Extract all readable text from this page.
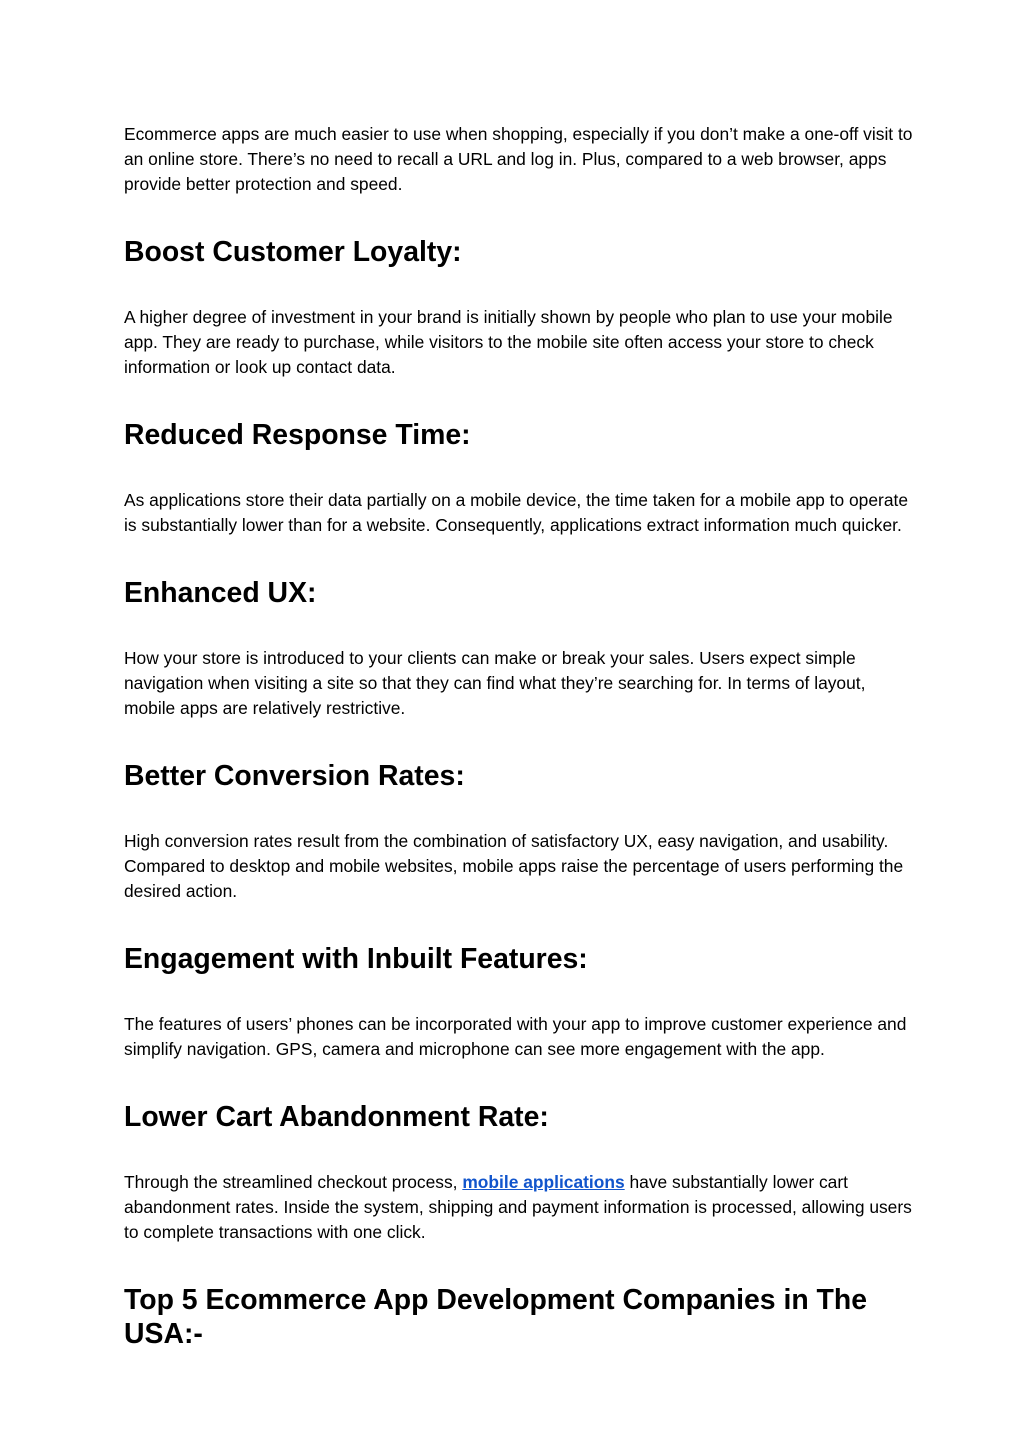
Ecommerce apps are much easier to use when shopping, especially if you don’t make a one-off visit to an online store. There’s no need to recall a URL and log in. Plus, compared to a web browser, apps provide better protection and speed.

Boost Customer Loyalty:

A higher degree of investment in your brand is initially shown by people who plan to use your mobile app. They are ready to purchase, while visitors to the mobile site often access your store to check information or look up contact data.

Reduced Response Time:

As applications store their data partially on a mobile device, the time taken for a mobile app to operate is substantially lower than for a website. Consequently, applications extract information much quicker.

Enhanced UX:

How your store is introduced to your clients can make or break your sales. Users expect simple navigation when visiting a site so that they can find what they’re searching for. In terms of layout, mobile apps are relatively restrictive.

Better Conversion Rates:

High conversion rates result from the combination of satisfactory UX, easy navigation, and usability. Compared to desktop and mobile websites, mobile apps raise the percentage of users performing the desired action.

Engagement with Inbuilt Features:

The features of users’ phones can be incorporated with your app to improve customer experience and simplify navigation. GPS, camera and microphone can see more engagement with the app.

Lower Cart Abandonment Rate:

Through the streamlined checkout process, mobile applications have substantially lower cart abandonment rates. Inside the system, shipping and payment information is processed, allowing users to complete transactions with one click.

Top 5 Ecommerce App Development Companies in The USA:-
